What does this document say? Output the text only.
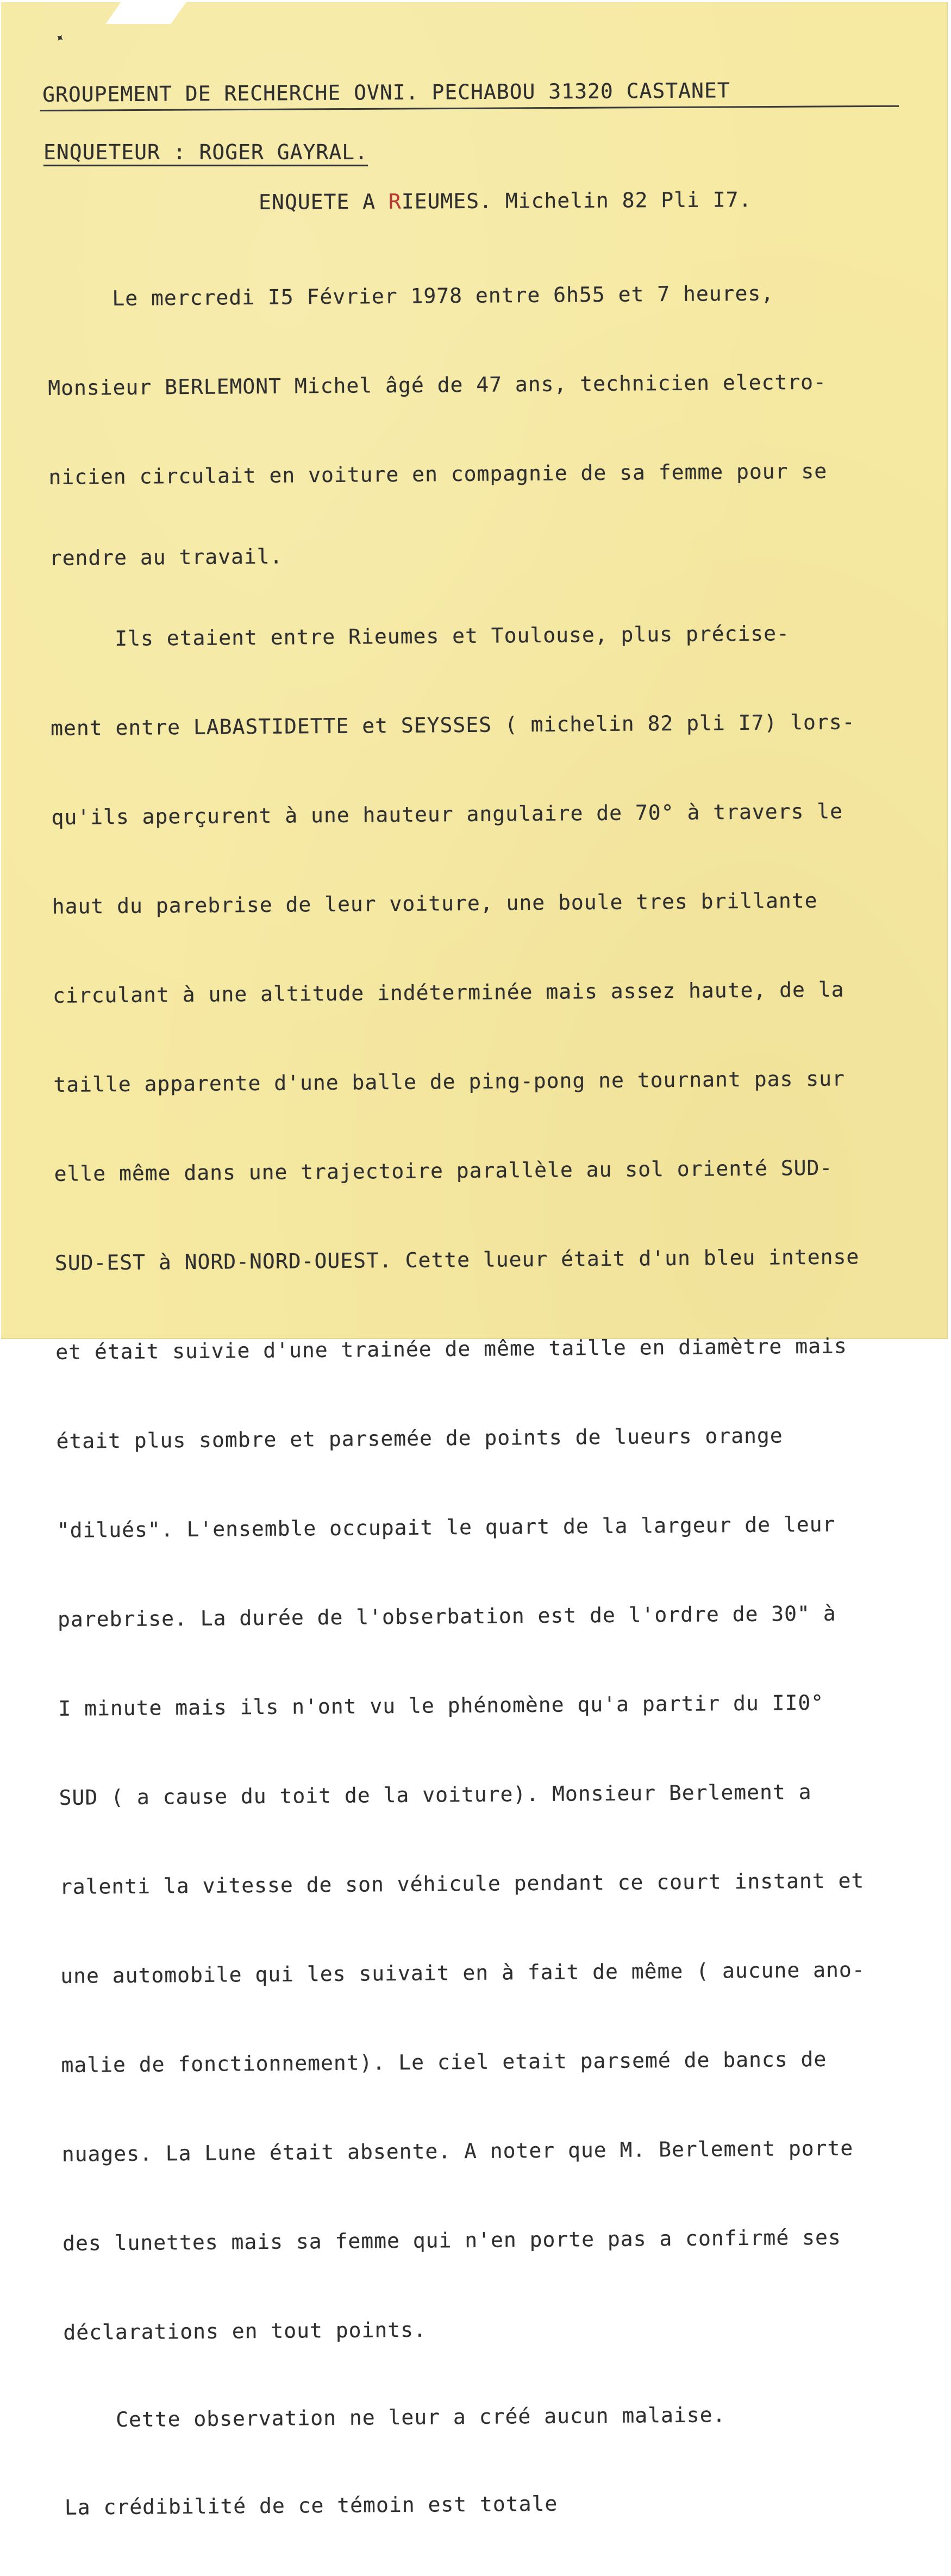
✦
GROUPEMENT DE RECHERCHE OVNI. PECHABOU 31320 CASTANET
ENQUETEUR : ROGER GAYRAL.
ENQUETE A RIEUMES. Michelin 82 Pli I7.

Le mercredi I5 Février 1978 entre 6h55 et 7 heures,

Monsieur BERLEMONT Michel âgé de 47 ans, technicien electro-

nicien circulait en voiture en compagnie de sa femme pour se

rendre au travail.

Ils etaient entre Rieumes et Toulouse, plus précise-

ment entre LABASTIDETTE et SEYSSES ( michelin 82 pli I7) lors-

qu'ils aperçurent à une hauteur angulaire de 70° à travers le

haut du parebrise de leur voiture, une boule tres brillante

circulant à une altitude indéterminée mais assez haute, de la

taille apparente d'une balle de ping-pong ne tournant pas sur

elle même dans une trajectoire parallèle au sol orienté SUD-

SUD-EST à NORD-NORD-OUEST. Cette lueur était d'un bleu intense

et était suivie d'une trainée de même taille en diamètre mais

était plus sombre et parsemée de points de lueurs orange

"dilués". L'ensemble occupait le quart de la largeur de leur

parebrise. La durée de l'obserbation est de l'ordre de 30" à

I minute mais ils n'ont vu le phénomène qu'a partir du II0°

SUD ( a cause du toit de la voiture). Monsieur Berlement a

ralenti la vitesse de son véhicule pendant ce court instant et

une automobile qui les suivait en à fait de même ( aucune ano-

malie de fonctionnement). Le ciel etait parsemé de bancs de

nuages. La Lune était absente. A noter que M. Berlement porte

des lunettes mais sa femme qui n'en porte pas a confirmé ses

déclarations en tout points.

Cette observation ne leur a créé aucun malaise.

La crédibilité de ce témoin est totale
